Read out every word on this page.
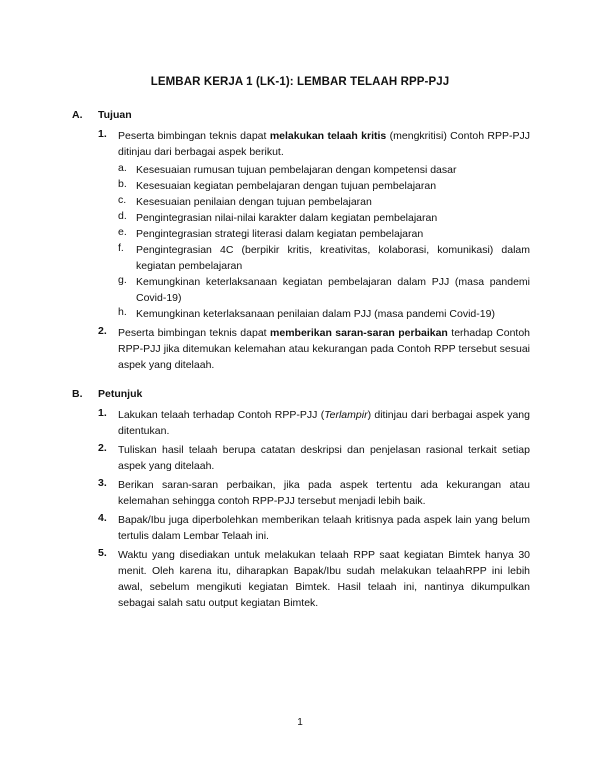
LEMBAR KERJA 1 (LK-1): LEMBAR TELAAH RPP-PJJ
A. Tujuan
1. Peserta bimbingan teknis dapat melakukan telaah kritis (mengkritisi) Contoh RPP-PJJ ditinjau dari berbagai aspek berikut.
a. Kesesuaian rumusan tujuan pembelajaran dengan kompetensi dasar
b. Kesesuaian kegiatan pembelajaran dengan tujuan pembelajaran
c. Kesesuaian penilaian dengan tujuan pembelajaran
d. Pengintegrasian nilai-nilai karakter dalam kegiatan pembelajaran
e. Pengintegrasian strategi literasi dalam kegiatan pembelajaran
f. Pengintegrasian 4C (berpikir kritis, kreativitas, kolaborasi, komunikasi) dalam kegiatan pembelajaran
g. Kemungkinan keterlaksanaan kegiatan pembelajaran dalam PJJ (masa pandemi Covid-19)
h. Kemungkinan keterlaksanaan penilaian dalam PJJ (masa pandemi Covid-19)
2. Peserta bimbingan teknis dapat memberikan saran-saran perbaikan terhadap Contoh RPP-PJJ jika ditemukan kelemahan atau kekurangan pada Contoh RPP tersebut sesuai aspek yang ditelaah.
B. Petunjuk
1. Lakukan telaah terhadap Contoh RPP-PJJ (Terlampir) ditinjau dari berbagai aspek yang ditentukan.
2. Tuliskan hasil telaah berupa catatan deskripsi dan penjelasan rasional terkait setiap aspek yang ditelaah.
3. Berikan saran-saran perbaikan, jika pada aspek tertentu ada kekurangan atau kelemahan sehingga contoh RPP-PJJ tersebut menjadi lebih baik.
4. Bapak/Ibu juga diperbolehkan memberikan telaah kritisnya pada aspek lain yang belum tertulis dalam Lembar Telaah ini.
5. Waktu yang disediakan untuk melakukan telaah RPP saat kegiatan Bimtek hanya 30 menit. Oleh karena itu, diharapkan Bapak/Ibu sudah melakukan telaahRPP ini lebih awal, sebelum mengikuti kegiatan Bimtek. Hasil telaah ini, nantinya dikumpulkan sebagai salah satu output kegiatan Bimtek.
1
